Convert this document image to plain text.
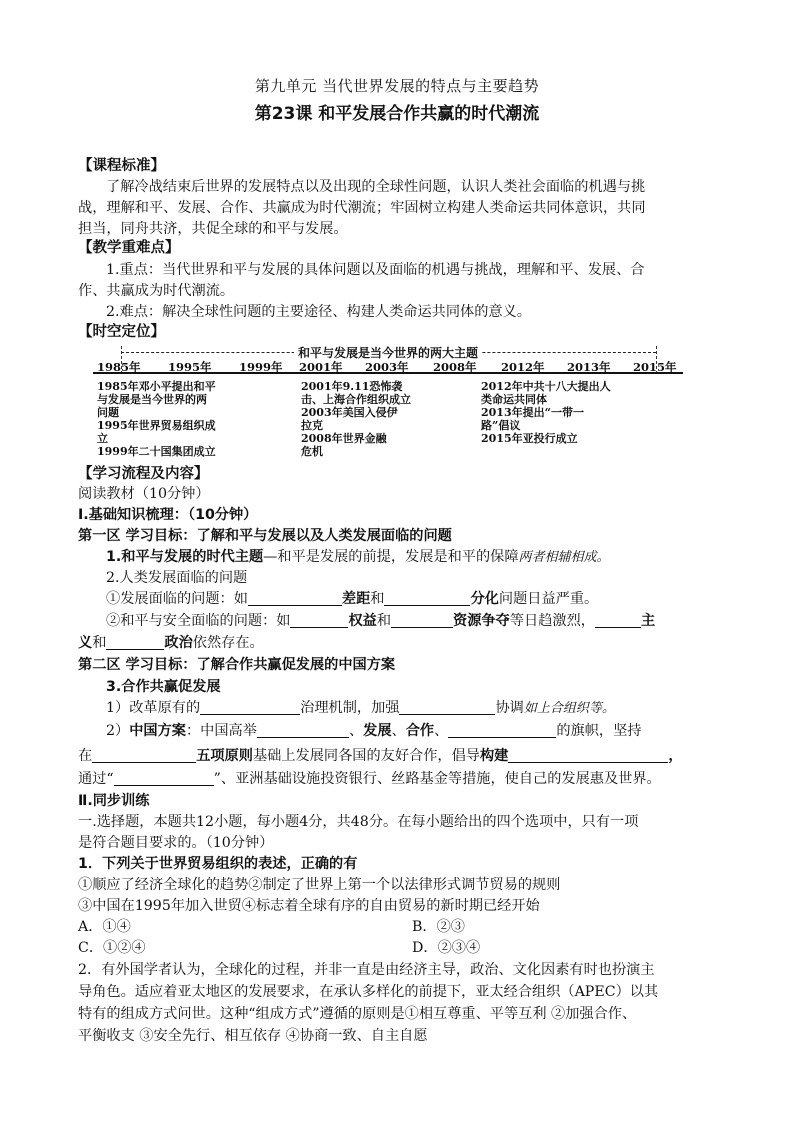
第九单元 当代世界发展的特点与主要趋势
第23课 和平发展合作共赢的时代潮流
【课程标准】
了解冷战结束后世界的发展特点以及出现的全球性问题，认识人类社会面临的机遇与挑
战，理解和平、发展、合作、共赢成为时代潮流；牢固树立构建人类命运共同体意识，共同
担当，同舟共济，共促全球的和平与发展。
【教学重难点】
1.重点：当代世界和平与发展的具体问题以及面临的机遇与挑战，理解和平、发展、合
作、共赢成为时代潮流。
2.难点：解决全球性问题的主要途径、构建人类命运共同体的意义。
【时空定位】
和平与发展是当今世界的两大主题
1985年 1995年 1999年 2001年 2003年 2008年 2012年 2013年 2015年
1985年邓小平提出和平
与发展是当今世界的两
问题
1995年世界贸易组织成
立
1999年二十国集团成立
2001年9.11恐怖袭
击、上海合作组织成立
2003年美国入侵伊
拉克
2008年世界金融
危机
2012年中共十八大提出人
类命运共同体
2013年提出“一带一
路”倡议
2015年亚投行成立
【学习流程及内容】
阅读教材（10分钟）
Ⅰ.基础知识梳理：（10分钟）
第一区 学习目标：了解和平与发展以及人类发展面临的问题
1.和平与发展的时代主题—和平是发展的前提，发展是和平的保障两者相辅相成。
2.人类发展面临的问题
①发展面临的问题：如	差距和	分化问题日益严重。
②和平与安全面临的问题：如	权益和	资源争夺等日趋激烈，	主
义和	政治依然存在。
第二区 学习目标：了解合作共赢促发展的中国方案
3.合作共赢促发展
1）改革原有的	治理机制，加强	协调如上合组织等。
2）中国方案：中国高举	、发展、合作、	的旗帜，坚持
在	五项原则基础上发展同各国的友好合作，倡导构建	，
通过“	”、亚洲基础设施投资银行、丝路基金等措施，使自己的发展惠及世界。
Ⅱ.同步训练
一.选择题，本题共12小题，每小题4分，共48分。在每小题给出的四个选项中，只有一项
是符合题目要求的。（10分钟）
1．下列关于世界贸易组织的表述，正确的有
①顺应了经济全球化的趋势②制定了世界上第一个以法律形式调节贸易的规则
③中国在1995年加入世贸④标志着全球有序的自由贸易的新时期已经开始
A．①④	B．②③
C．①②④	D．②③④
2．有外国学者认为，全球化的过程，并非一直是由经济主导，政治、文化因素有时也扮演主
导角色。适应着亚太地区的发展要求，在承认多样化的前提下，亚太经合组织（APEC）以其
特有的组成方式问世。这种“组成方式”遵循的原则是①相互尊重、平等互利 ②加强合作、
平衡收支 ③安全先行、相互依存 ④协商一致、自主自愿
